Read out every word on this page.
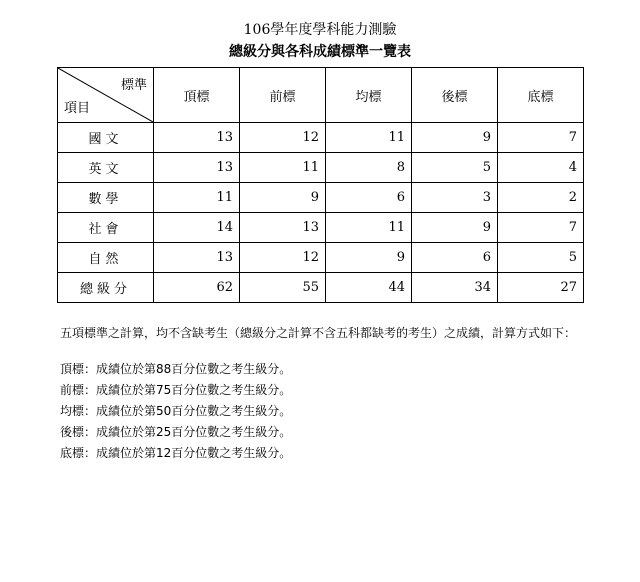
106學年度學科能力測驗
總級分與各科成績標準一覽表
標準
項目	頂標	前標	均標	後標	底標
國文	13	12	11	9	7
英文	13	11	8	5	4
數學	11	9	6	3	2
社會	14	13	11	9	7
自然	13	12	9	6	5
總級分	62	55	44	34	27
五項標準之計算，均不含缺考生（總級分之計算不含五科都缺考的考生）之成績，計算方式如下：
頂標：成績位於第88百分位數之考生級分。
前標：成績位於第75百分位數之考生級分。
均標：成績位於第50百分位數之考生級分。
後標：成績位於第25百分位數之考生級分。
底標：成績位於第12百分位數之考生級分。
